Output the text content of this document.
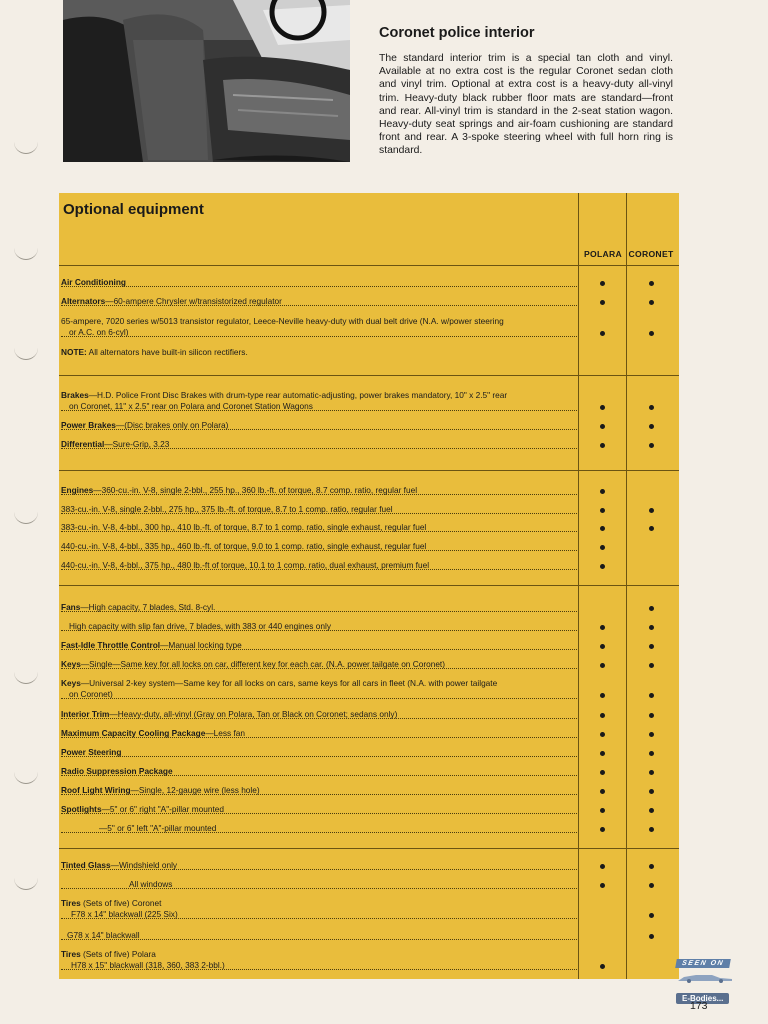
Coronet police interior
The standard interior trim is a special tan cloth and vinyl. Available at no extra cost is the regular Coronet sedan cloth and vinyl trim. Optional at extra cost is a heavy-duty all-vinyl trim. Heavy-duty black rubber floor mats are standard—front and rear. All-vinyl trim is standard in the 2-seat station wagon. Heavy-duty seat springs and air-foam cushioning are standard front and rear. A 3-spoke steering wheel with full horn ring is standard.
Optional equipment
POLARA CORONET
Air Conditioning
Alternators—60-ampere Chrysler w/transistorized regulator
65-ampere, 7020 series w/5013 transistor regulator, Leece-Neville heavy-duty with dual belt drive (N.A. w/power steering
or A.C. on 6-cyl)
NOTE: All alternators have built-in silicon rectifiers.
Brakes—H.D. Police Front Disc Brakes with drum-type rear automatic-adjusting, power brakes mandatory, 10" x 2.5" rear
on Coronet, 11" x 2.5" rear on Polara and Coronet Station Wagons
Power Brakes—(Disc brakes only on Polara)
Differential—Sure-Grip, 3.23
Engines—360-cu.-in. V-8, single 2-bbl., 255 hp., 360 lb.-ft. of torque, 8.7 comp. ratio, regular fuel
383-cu.-in. V-8, single 2-bbl., 275 hp., 375 lb.-ft. of torque, 8.7 to 1 comp. ratio, regular fuel
383-cu.-in. V-8, 4-bbl., 300 hp., 410 lb.-ft. of torque, 8.7 to 1 comp. ratio, single exhaust, regular fuel
440-cu.-in. V-8, 4-bbl., 335 hp., 460 lb.-ft. of torque, 9.0 to 1 comp. ratio, single exhaust, regular fuel
440-cu.-in. V-8, 4-bbl., 375 hp., 480 lb.-ft of torque, 10.1 to 1 comp. ratio, dual exhaust, premium fuel
Fans—High capacity, 7 blades, Std. 8-cyl.
High capacity with slip fan drive, 7 blades, with 383 or 440 engines only
Fast-Idle Throttle Control—Manual locking type
Keys—Single—Same key for all locks on car, different key for each car. (N.A. power tailgate on Coronet)
Keys—Universal 2-key system—Same key for all locks on cars, same keys for all cars in fleet (N.A. with power tailgate
on Coronet)
Interior Trim—Heavy-duty, all-vinyl (Gray on Polara, Tan or Black on Coronet; sedans only)
Maximum Capacity Cooling Package—Less fan
Power Steering
Radio Suppression Package
Roof Light Wiring—Single, 12-gauge wire (less hole)
Spotlights—5" or 6" right "A"-pillar mounted
—5" or 6" left "A"-pillar mounted
Tinted Glass—Windshield only
All windows
Tires (Sets of five) Coronet
F78 x 14" blackwall (225 Six)
G78 x 14" blackwall
Tires (Sets of five) Polara
H78 x 15" blackwall (318, 360, 383 2-bbl.)	SEEN ON  E-Bodies...
173
